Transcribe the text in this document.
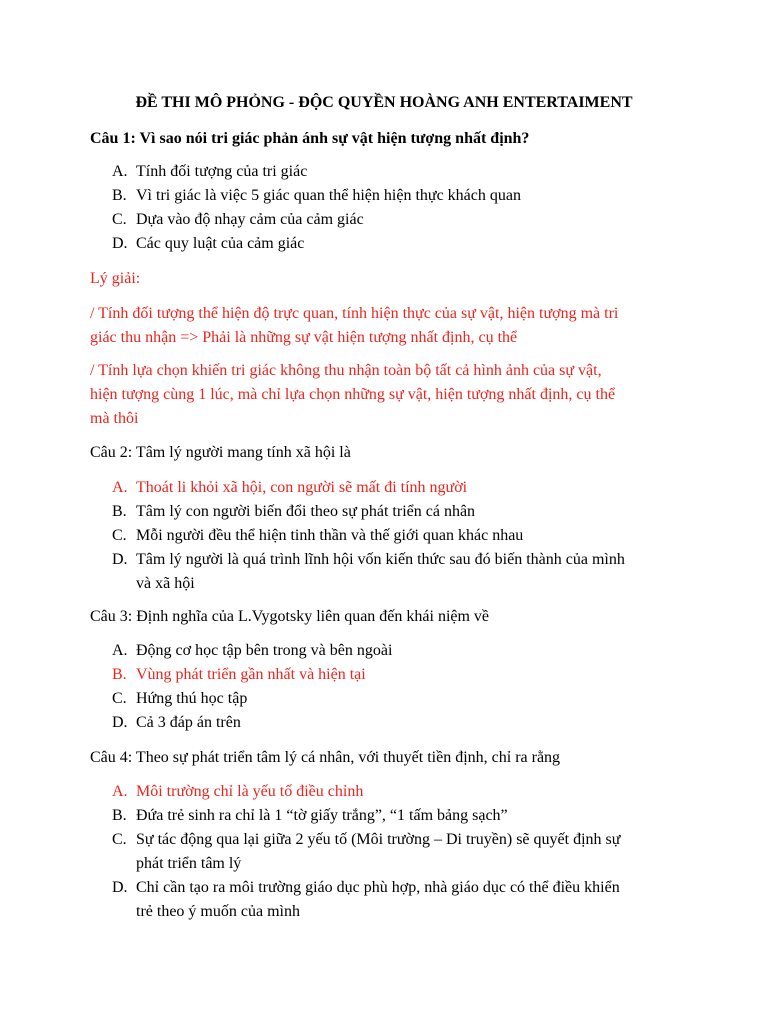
ĐỀ THI MÔ PHỎNG - ĐỘC QUYỀN HOÀNG ANH ENTERTAIMENT
Câu 1: Vì sao nói tri giác phản ánh sự vật hiện tượng nhất định?
A. Tính đối tượng của tri giác
B. Vì tri giác là việc 5 giác quan thể hiện hiện thực khách quan
C. Dựa vào độ nhạy cảm của cảm giác
D. Các quy luật của cảm giác
Lý giải:
/ Tính đối tượng thể hiện độ trực quan, tính hiện thực của sự vật, hiện tượng mà tri
giác thu nhận => Phải là những sự vật hiện tượng nhất định, cụ thể
/ Tính lựa chọn khiến tri giác không thu nhận toàn bộ tất cả hình ảnh của sự vật,
hiện tượng cùng 1 lúc, mà chỉ lựa chọn những sự vật, hiện tượng nhất định, cụ thể
mà thôi
Câu 2: Tâm lý người mang tính xã hội là
A. Thoát li khỏi xã hội, con người sẽ mất đi tính người
B. Tâm lý con người biến đổi theo sự phát triển cá nhân
C. Mỗi người đều thể hiện tinh thần và thế giới quan khác nhau
D. Tâm lý người là quá trình lĩnh hội vốn kiến thức sau đó biến thành của mình
và xã hội
Câu 3: Định nghĩa của L.Vygotsky liên quan đến khái niệm về
A. Động cơ học tập bên trong và bên ngoài
B. Vùng phát triển gần nhất và hiện tại
C. Hứng thú học tập
D. Cả 3 đáp án trên
Câu 4: Theo sự phát triển tâm lý cá nhân, với thuyết tiền định, chỉ ra rằng
A. Môi trường chỉ là yếu tố điều chỉnh
B. Đứa trẻ sinh ra chỉ là 1 “tờ giấy trắng”, “1 tấm bảng sạch”
C. Sự tác động qua lại giữa 2 yếu tố (Môi trường – Di truyền) sẽ quyết định sự
phát triển tâm lý
D. Chỉ cần tạo ra môi trường giáo dục phù hợp, nhà giáo dục có thể điều khiển
trẻ theo ý muốn của mình
